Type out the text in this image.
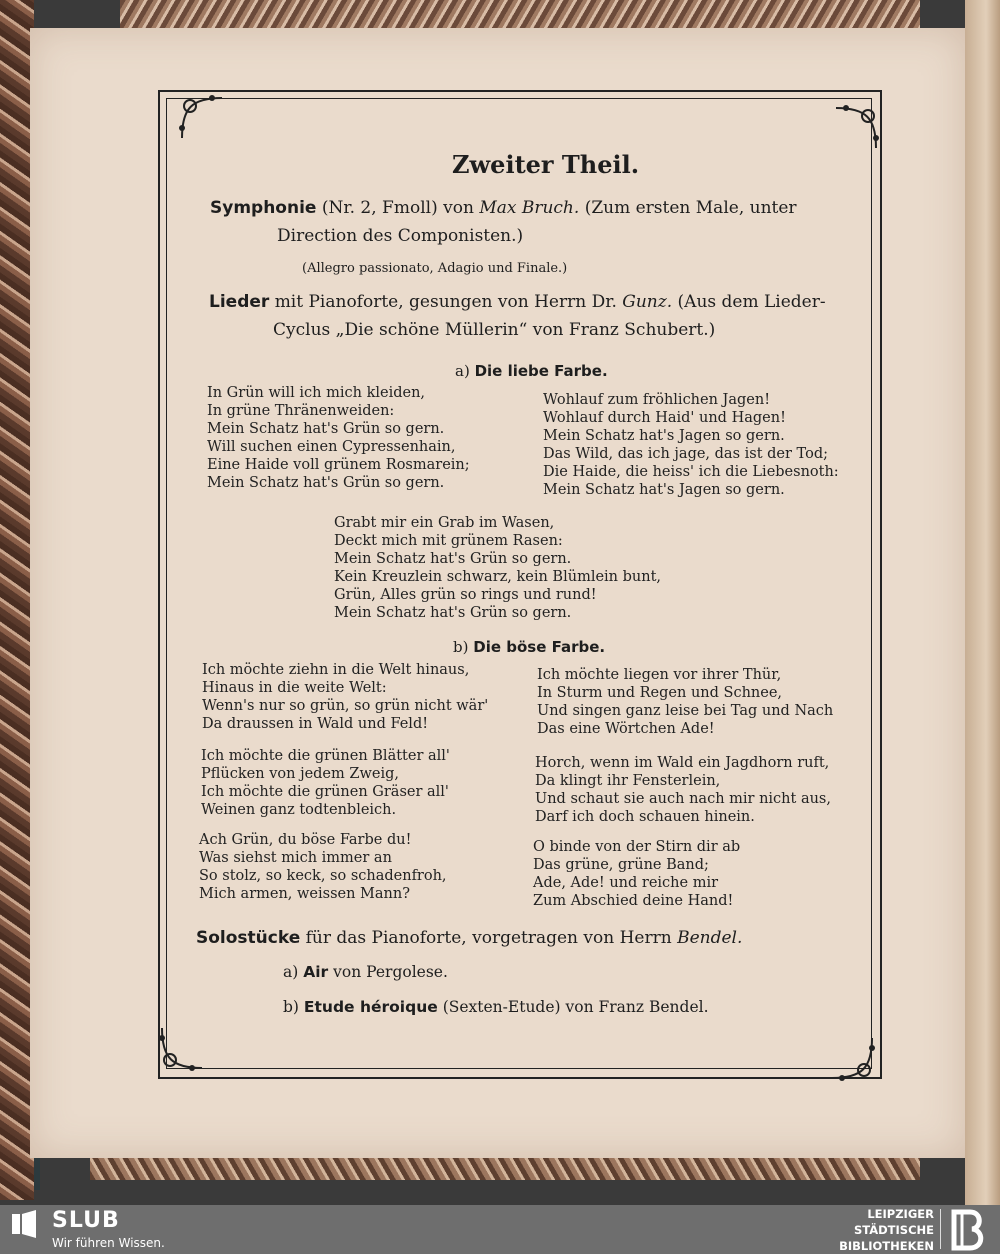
Zweiter Theil.
Symphonie (Nr. 2, Fmoll) von Max Bruch. (Zum ersten Male, unter
Direction des Componisten.)
(Allegro passionato, Adagio und Finale.)
Lieder mit Pianoforte, gesungen von Herrn Dr. Gunz. (Aus dem Lieder-
Cyclus „Die schöne Müllerin“ von Franz Schubert.)
a) Die liebe Farbe.
In Grün will ich mich kleiden,
In grüne Thränenweiden:
Mein Schatz hat's Grün so gern.
Will suchen einen Cypressenhain,
Eine Haide voll grünem Rosmarein;
Mein Schatz hat's Grün so gern.
Wohlauf zum fröhlichen Jagen!
Wohlauf durch Haid' und Hagen!
Mein Schatz hat's Jagen so gern.
Das Wild, das ich jage, das ist der Tod;
Die Haide, die heiss' ich die Liebesnoth:
Mein Schatz hat's Jagen so gern.
Grabt mir ein Grab im Wasen,
Deckt mich mit grünem Rasen:
Mein Schatz hat's Grün so gern.
Kein Kreuzlein schwarz, kein Blümlein bunt,
Grün, Alles grün so rings und rund!
Mein Schatz hat's Grün so gern.
b) Die böse Farbe.
Ich möchte ziehn in die Welt hinaus,
Hinaus in die weite Welt:
Wenn's nur so grün, so grün nicht wär'
Da draussen in Wald und Feld!
Ich möchte die grünen Blätter all'
Pflücken von jedem Zweig,
Ich möchte die grünen Gräser all'
Weinen ganz todtenbleich.
Ach Grün, du böse Farbe du!
Was siehst mich immer an
So stolz, so keck, so schadenfroh,
Mich armen, weissen Mann?
Ich möchte liegen vor ihrer Thür,
In Sturm und Regen und Schnee,
Und singen ganz leise bei Tag und Nach
Das eine Wörtchen Ade!
Horch, wenn im Wald ein Jagdhorn ruft,
Da klingt ihr Fensterlein,
Und schaut sie auch nach mir nicht aus,
Darf ich doch schauen hinein.
O binde von der Stirn dir ab
Das grüne, grüne Band;
Ade, Ade! und reiche mir
Zum Abschied deine Hand!
Solostücke für das Pianoforte, vorgetragen von Herrn Bendel.
a) Air von Pergolese.
b) Etude héroique (Sexten-Etude) von Franz Bendel.
SLUB
Wir führen Wissen.
LEIPZIGER
STÄDTISCHE
BIBLIOTHEKEN
